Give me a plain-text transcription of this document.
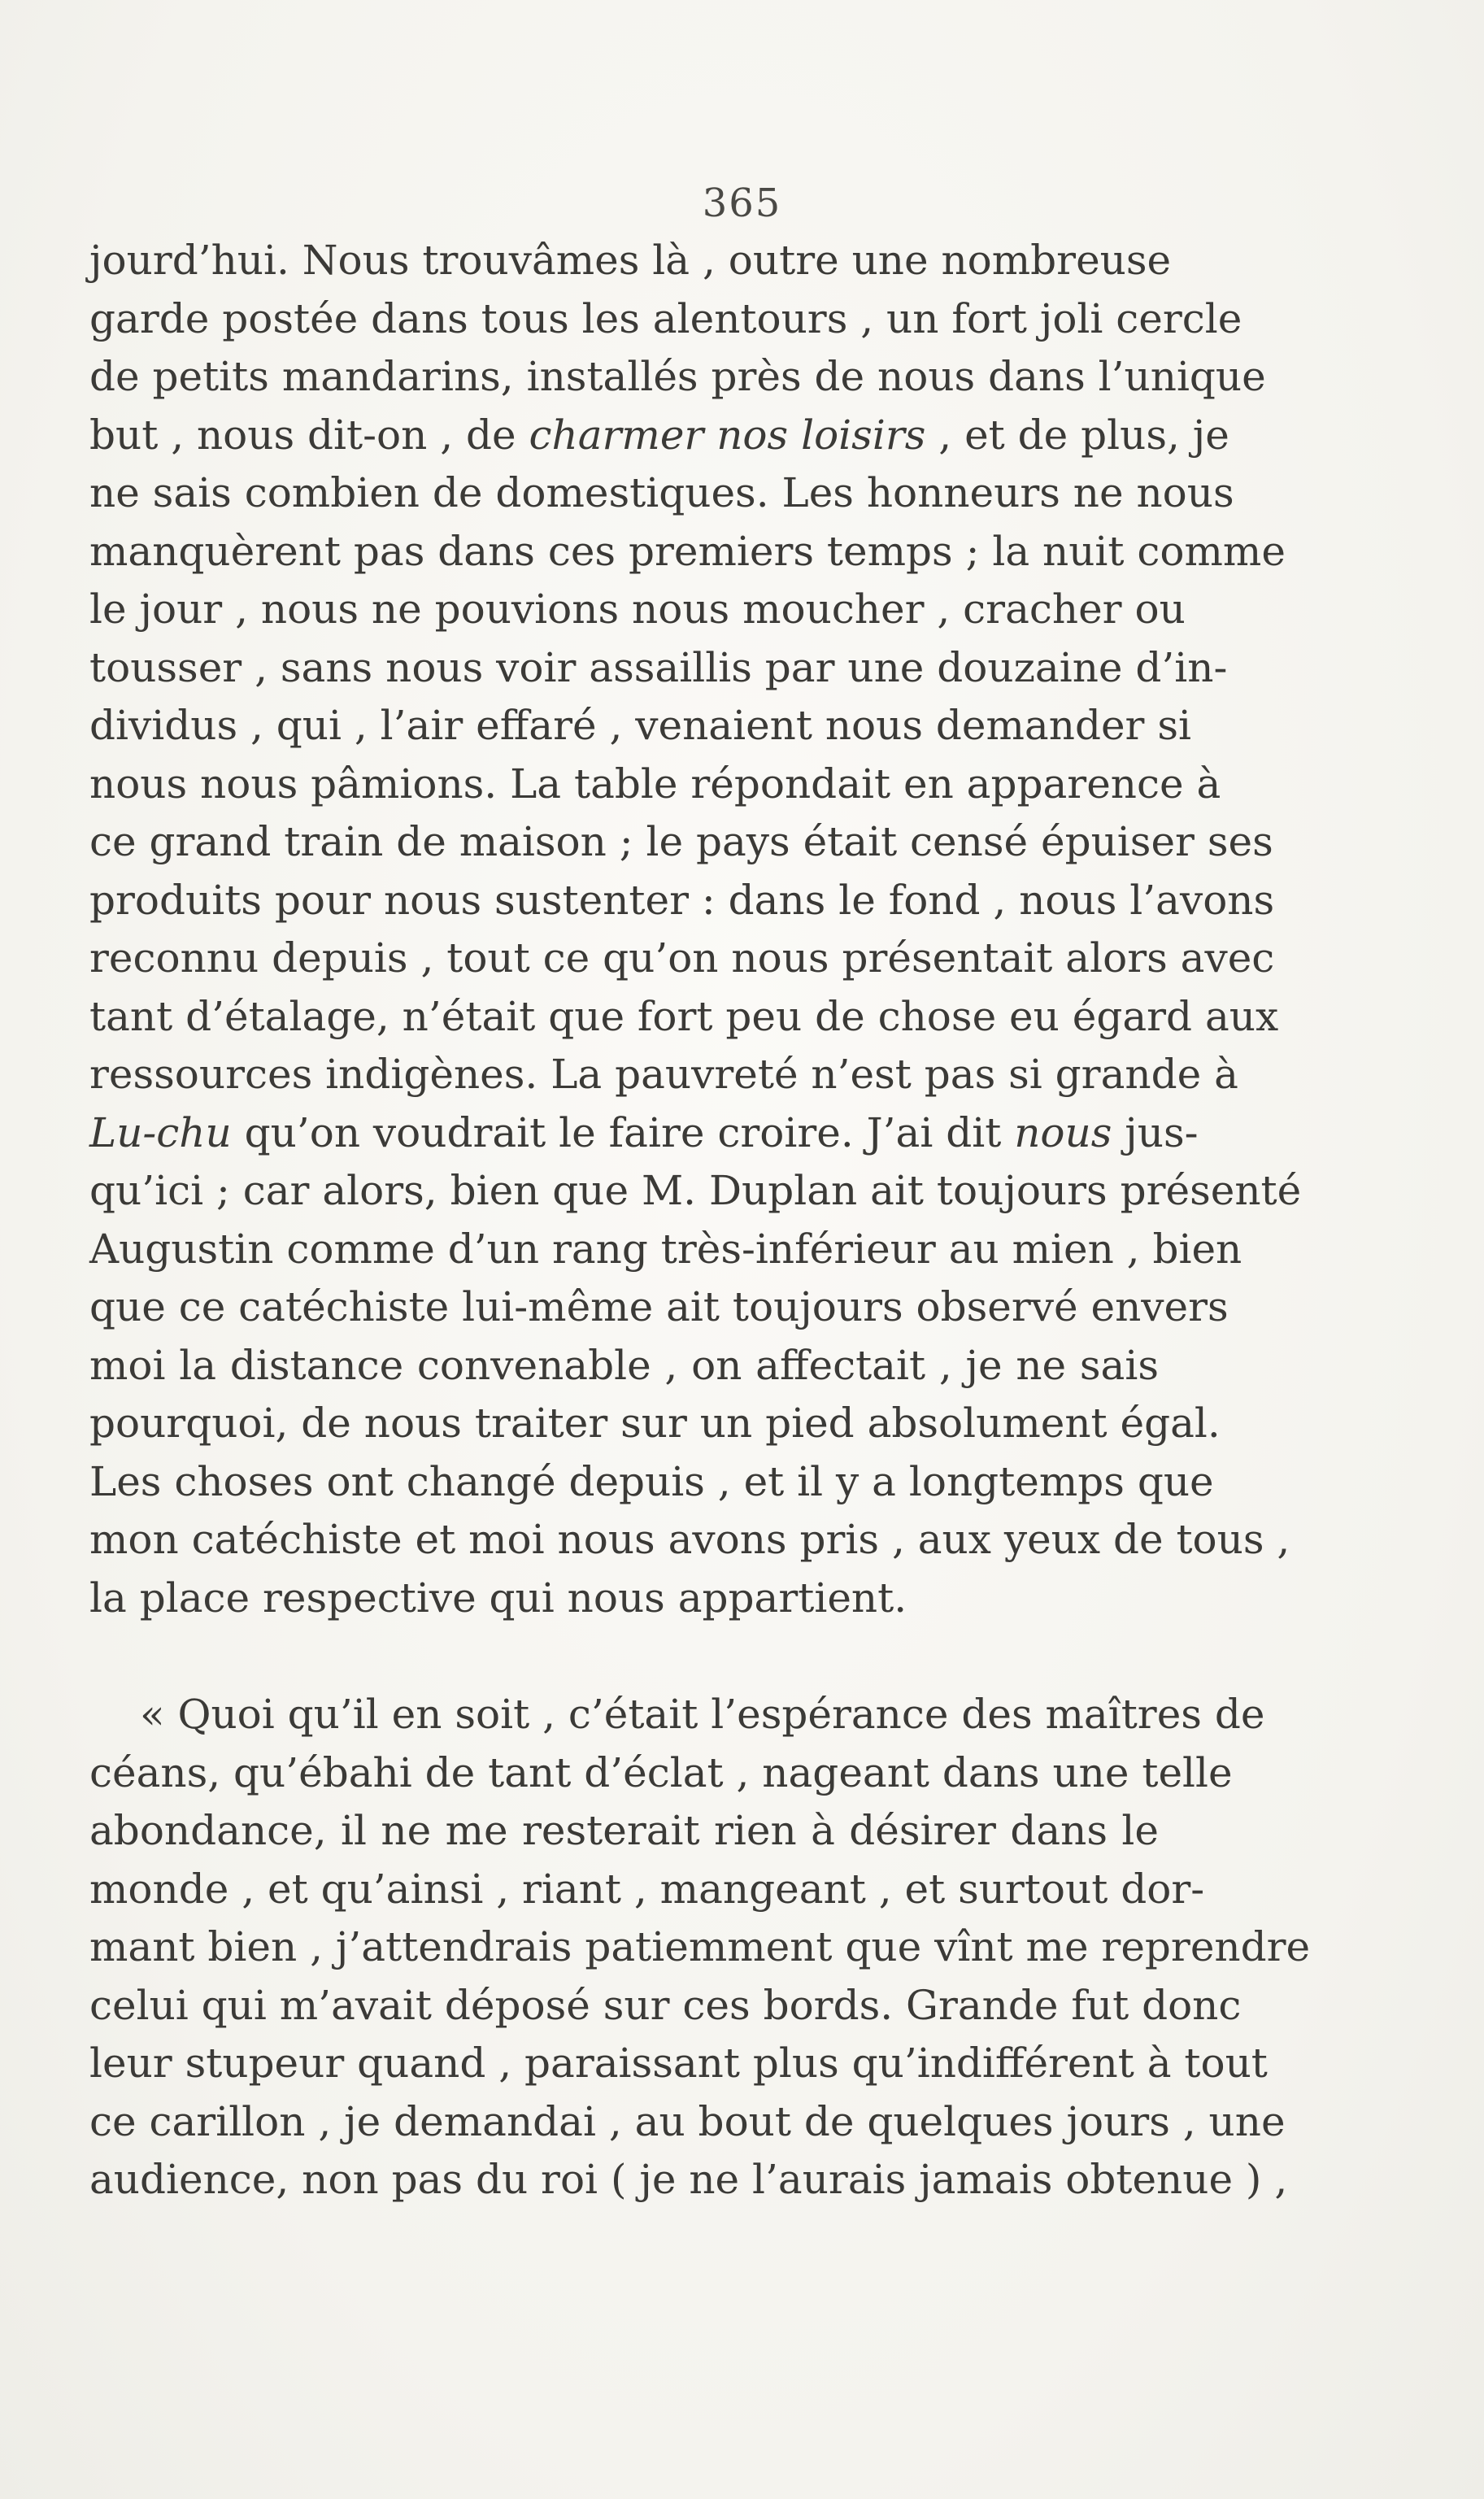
365
jourd’hui. Nous trouvâmes là , outre une nombreuse
garde postée dans tous les alentours , un fort joli cercle
de petits mandarins, installés près de nous dans l’unique
but , nous dit-on , de charmer nos loisirs , et de plus, je
ne sais combien de domestiques. Les honneurs ne nous
manquèrent pas dans ces premiers temps ; la nuit comme
le jour , nous ne pouvions nous moucher , cracher ou
tousser , sans nous voir assaillis par une douzaine d’in-
dividus , qui , l’air effaré , venaient nous demander si
nous nous pâmions. La table répondait en apparence à
ce grand train de maison ; le pays était censé épuiser ses
produits pour nous sustenter : dans le fond , nous l’avons
reconnu depuis , tout ce qu’on nous présentait alors avec
tant d’étalage, n’était que fort peu de chose eu égard aux
ressources indigènes. La pauvreté n’est pas si grande à
Lu-chu qu’on voudrait le faire croire. J’ai dit nous jus-
qu’ici ; car alors, bien que M. Duplan ait toujours présenté
Augustin comme d’un rang très-inférieur au mien , bien
que ce catéchiste lui-même ait toujours observé envers
moi la distance convenable , on affectait , je ne sais
pourquoi, de nous traiter sur un pied absolument égal.
Les choses ont changé depuis , et il y a longtemps que
mon catéchiste et moi nous avons pris , aux yeux de tous ,
la place respective qui nous appartient.
« Quoi qu’il en soit , c’était l’espérance des maîtres de
céans, qu’ébahi de tant d’éclat , nageant dans une telle
abondance, il ne me resterait rien à désirer dans le
monde , et qu’ainsi , riant , mangeant , et surtout dor-
mant bien , j’attendrais patiemment que vînt me reprendre
celui qui m’avait déposé sur ces bords. Grande fut donc
leur stupeur quand , paraissant plus qu’indifférent à tout
ce carillon , je demandai , au bout de quelques jours , une
audience, non pas du roi ( je ne l’aurais jamais obtenue ) ,
